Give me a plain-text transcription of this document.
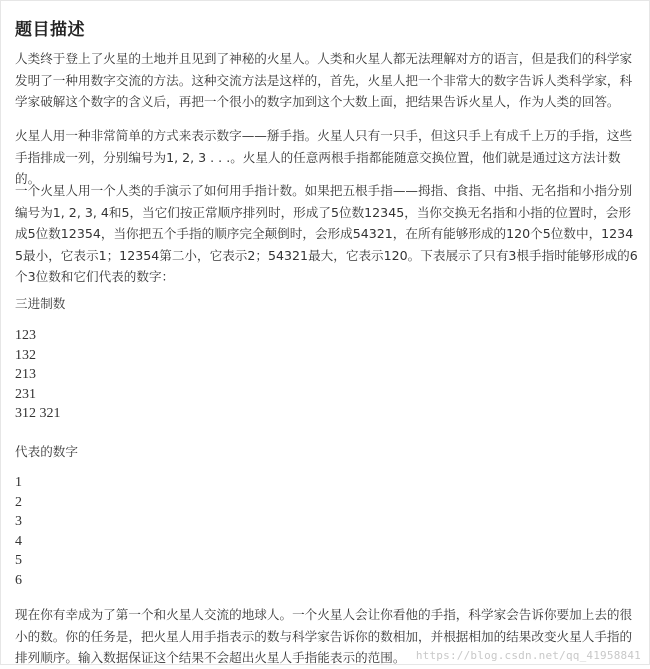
题目描述

人类终于登上了火星的土地并且见到了神秘的火星人。人类和火星人都无法理解对方的语言，但是我们的科学家发明了一种用数字交流的方法。这种交流方法是这样的，首先，火星人把一个非常大的数字告诉人类科学家，科学家破解这个数字的含义后，再把一个很小的数字加到这个大数上面，把结果告诉火星人，作为人类的回答。

火星人用一种非常简单的方式来表示数字——掰手指。火星人只有一只手，但这只手上有成千上万的手指，这些手指排成一列，分别编号为1, 2, 3 . . .。火星人的任意两根手指都能随意交换位置，他们就是通过这方法计数的。

一个火星人用一个人类的手演示了如何用手指计数。如果把五根手指——拇指、食指、中指、无名指和小指分别编号为1, 2, 3, 4和5，当它们按正常顺序排列时，形成了5位数12345，当你交换无名指和小指的位置时，会形成5位数12354，当你把五个手指的顺序完全颠倒时，会形成54321，在所有能够形成的120个5位数中，12345最小，它表示1；12354第二小，它表示2；54321最大，它表示120。下表展示了只有3根手指时能够形成的6个3位数和它们代表的数字：

三进制数
123
132
213
231
312 321
代表的数字
1
2
3
4
5
6

现在你有幸成为了第一个和火星人交流的地球人。一个火星人会让你看他的手指，科学家会告诉你要加上去的很小的数。你的任务是，把火星人用手指表示的数与科学家告诉你的数相加，并根据相加的结果改变火星人手指的排列顺序。输入数据保证这个结果不会超出火星人手指能表示的范围。 https://blog.csdn.net/qq_41958841
